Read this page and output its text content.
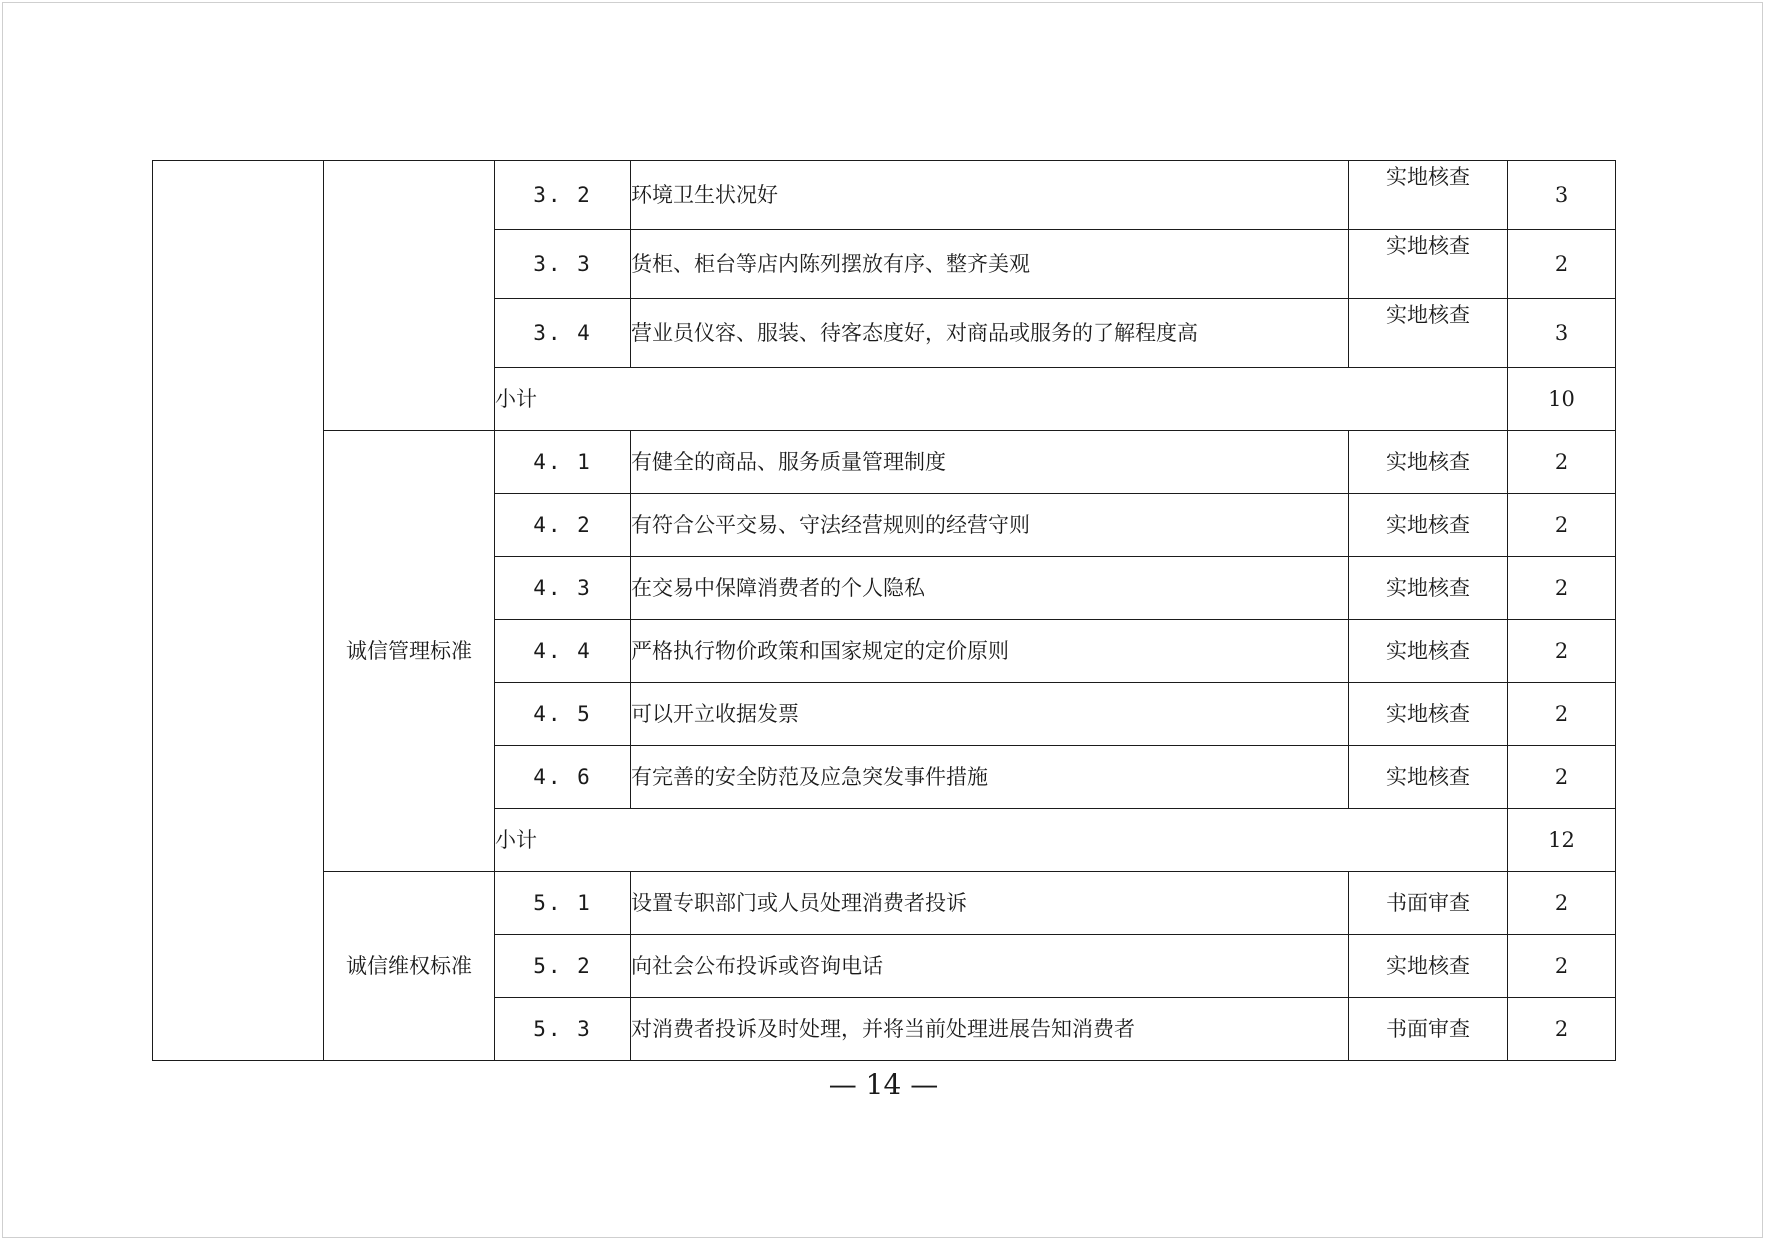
		3. 2	环境卫生状况好	实地核查	3
		3. 3	货柜、柜台等店内陈列摆放有序、整齐美观	实地核查	2
		3. 4	营业员仪容、服装、待客态度好，对商品或服务的了解程度高	实地核查	3
		小计			10
	诚信管理标准	4. 1	有健全的商品、服务质量管理制度	实地核查	2
		4. 2	有符合公平交易、守法经营规则的经营守则	实地核查	2
		4. 3	在交易中保障消费者的个人隐私	实地核查	2
		4. 4	严格执行物价政策和国家规定的定价原则	实地核查	2
		4. 5	可以开立收据发票	实地核查	2
		4. 6	有完善的安全防范及应急突发事件措施	实地核查	2
		小计			12
	诚信维权标准	5. 1	设置专职部门或人员处理消费者投诉	书面审查	2
		5. 2	向社会公布投诉或咨询电话	实地核查	2
		5. 3	对消费者投诉及时处理，并将当前处理进展告知消费者	书面审查	2
— 14 —
